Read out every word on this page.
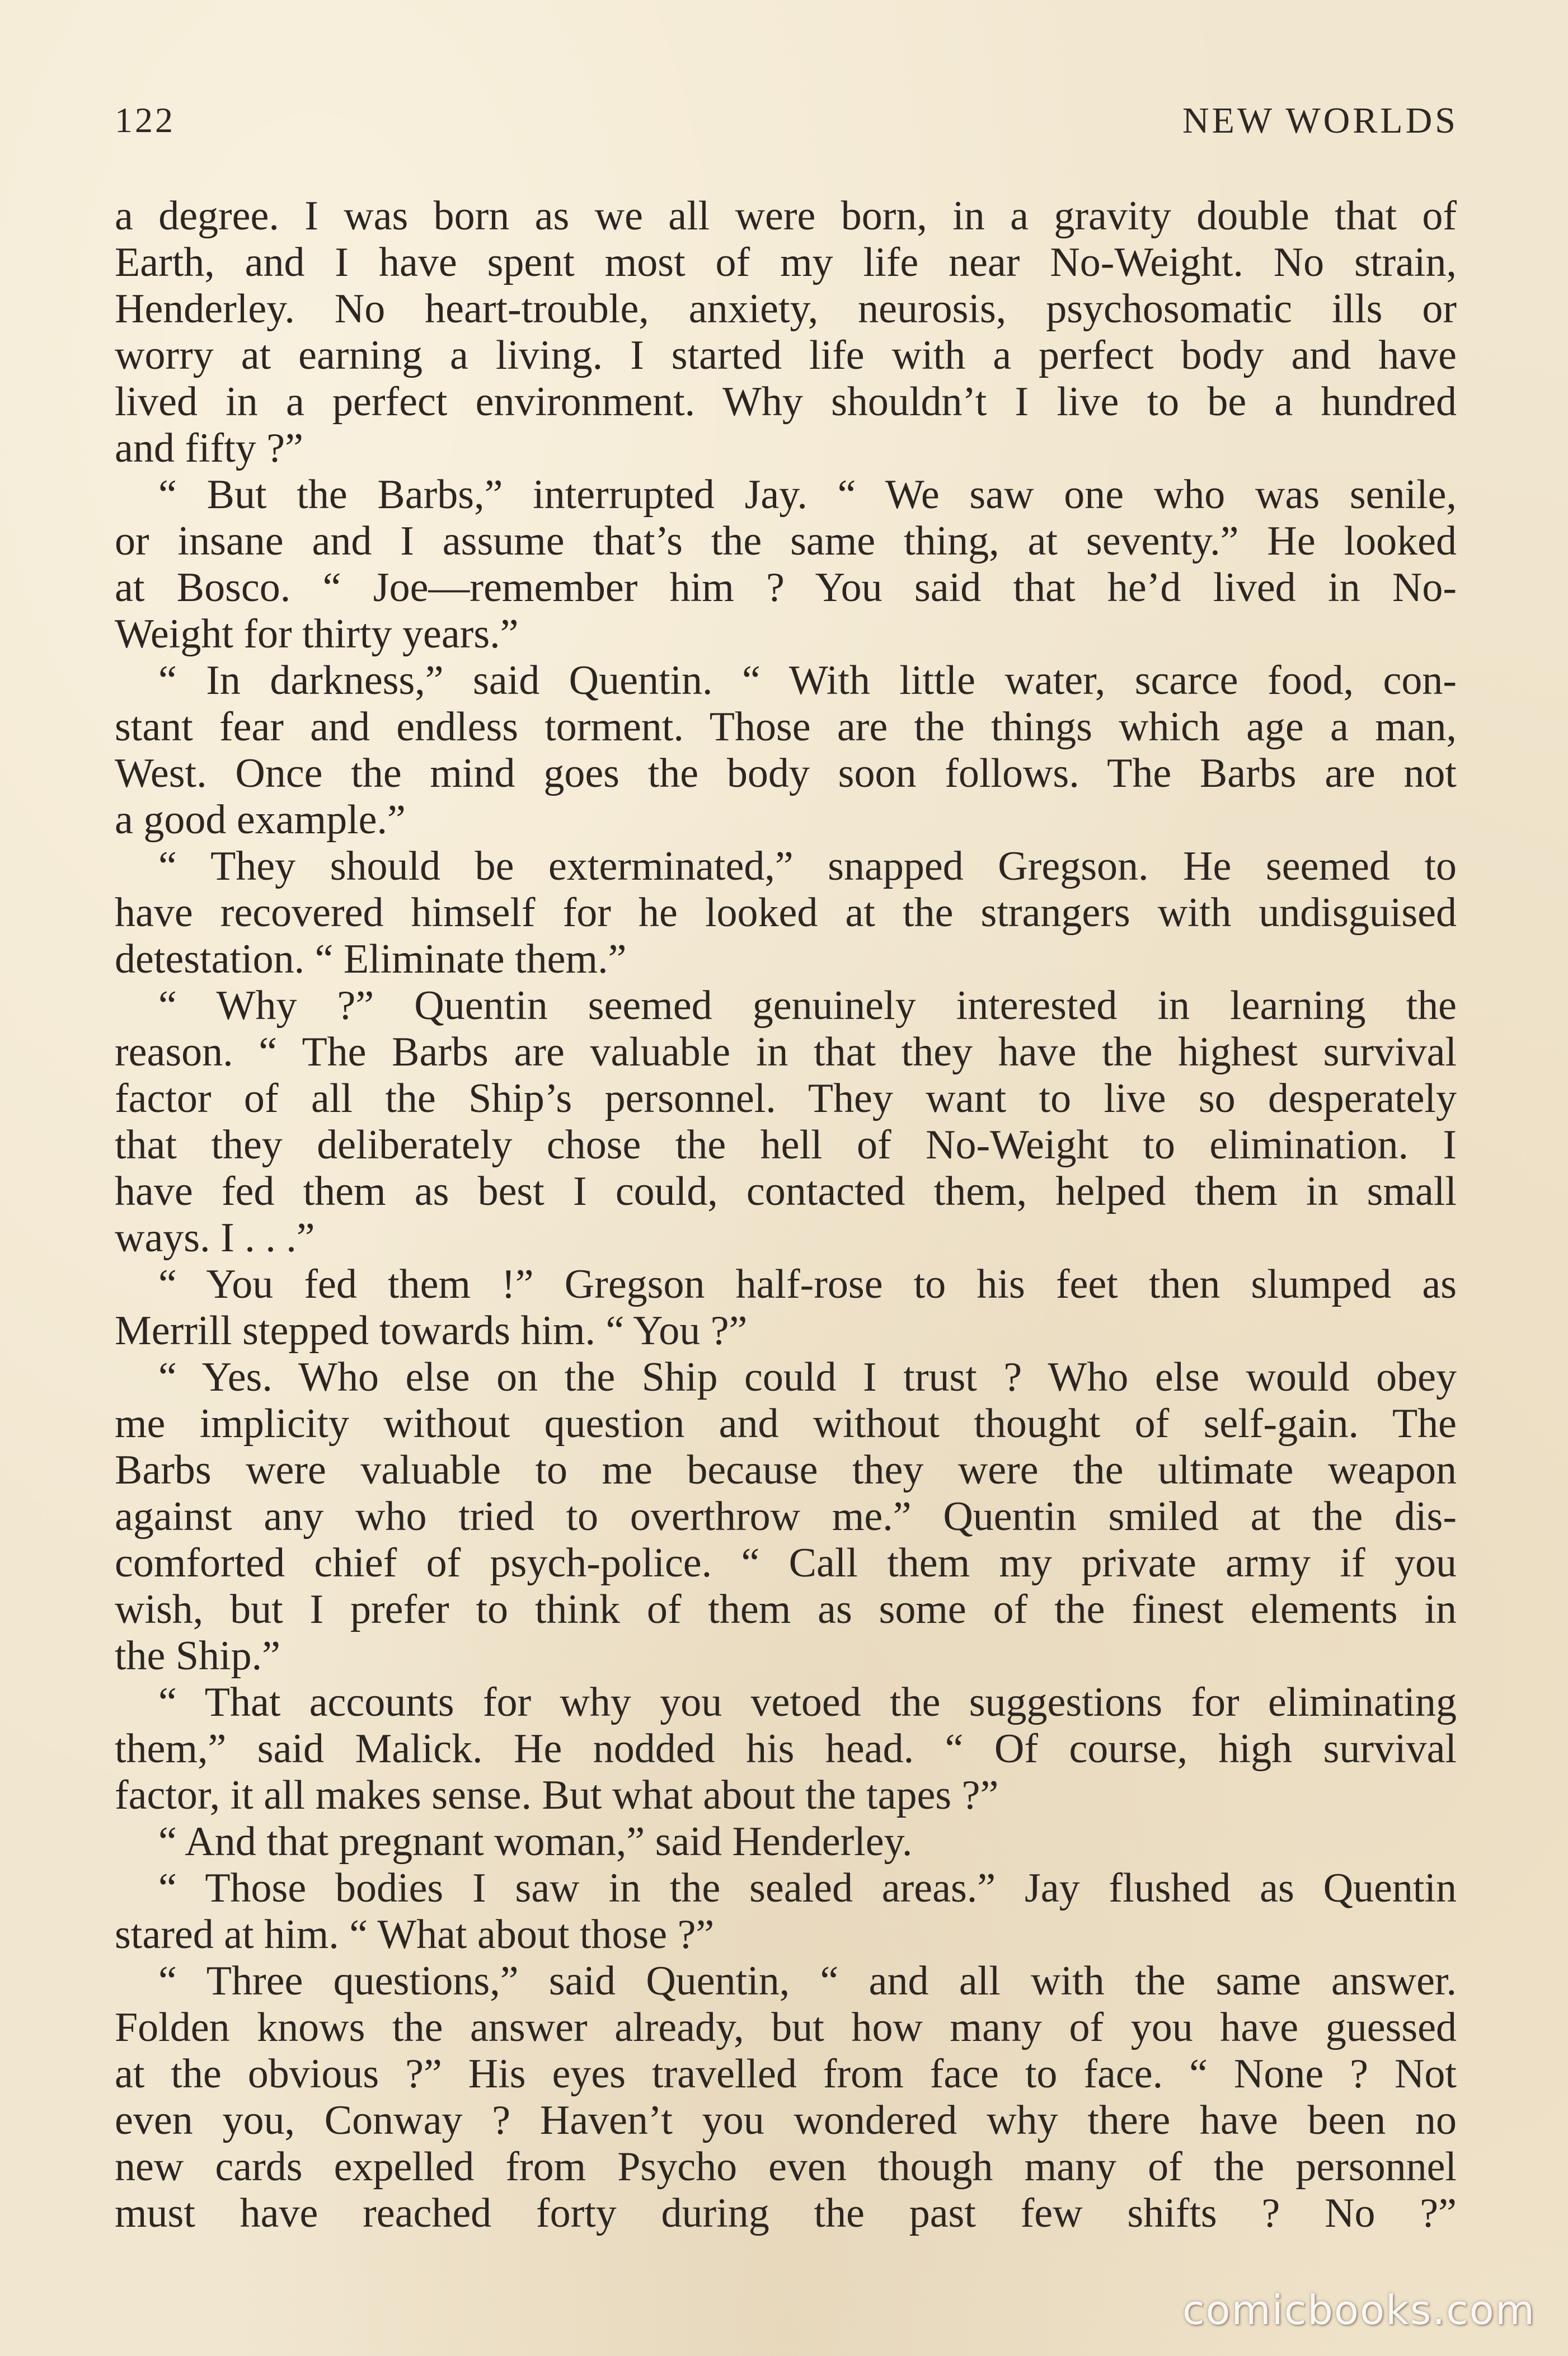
122	NEW WORLDS
a degree. I was born as we all were born, in a gravity double that of
Earth, and I have spent most of my life near No-Weight. No strain,
Henderley. No heart-trouble, anxiety, neurosis, psychosomatic ills or
worry at earning a living. I started life with a perfect body and have
lived in a perfect environment. Why shouldn’t I live to be a hundred
and fifty ?”
“ But the Barbs,” interrupted Jay. “ We saw one who was senile,
or insane and I assume that’s the same thing, at seventy.” He looked
at Bosco. “ Joe—remember him ? You said that he’d lived in No-
Weight for thirty years.”
“ In darkness,” said Quentin. “ With little water, scarce food, con-
stant fear and endless torment. Those are the things which age a man,
West. Once the mind goes the body soon follows. The Barbs are not
a good example.”
“ They should be exterminated,” snapped Gregson. He seemed to
have recovered himself for he looked at the strangers with undisguised
detestation. “ Eliminate them.”
“ Why ?” Quentin seemed genuinely interested in learning the
reason. “ The Barbs are valuable in that they have the highest survival
factor of all the Ship’s personnel. They want to live so desperately
that they deliberately chose the hell of No-Weight to elimination. I
have fed them as best I could, contacted them, helped them in small
ways. I . . .”
“ You fed them !” Gregson half-rose to his feet then slumped as
Merrill stepped towards him. “ You ?”
“ Yes. Who else on the Ship could I trust ? Who else would obey
me implicity without question and without thought of self-gain. The
Barbs were valuable to me because they were the ultimate weapon
against any who tried to overthrow me.” Quentin smiled at the dis-
comforted chief of psych-police. “ Call them my private army if you
wish, but I prefer to think of them as some of the finest elements in
the Ship.”
“ That accounts for why you vetoed the suggestions for eliminating
them,” said Malick. He nodded his head. “ Of course, high survival
factor, it all makes sense. But what about the tapes ?”
“ And that pregnant woman,” said Henderley.
“ Those bodies I saw in the sealed areas.” Jay flushed as Quentin
stared at him. “ What about those ?”
“ Three questions,” said Quentin, “ and all with the same answer.
Folden knows the answer already, but how many of you have guessed
at the obvious ?” His eyes travelled from face to face. “ None ? Not
even you, Conway ? Haven’t you wondered why there have been no
new cards expelled from Psycho even though many of the personnel
must have reached forty during the past few shifts ? No ?”
comicbooks.com
